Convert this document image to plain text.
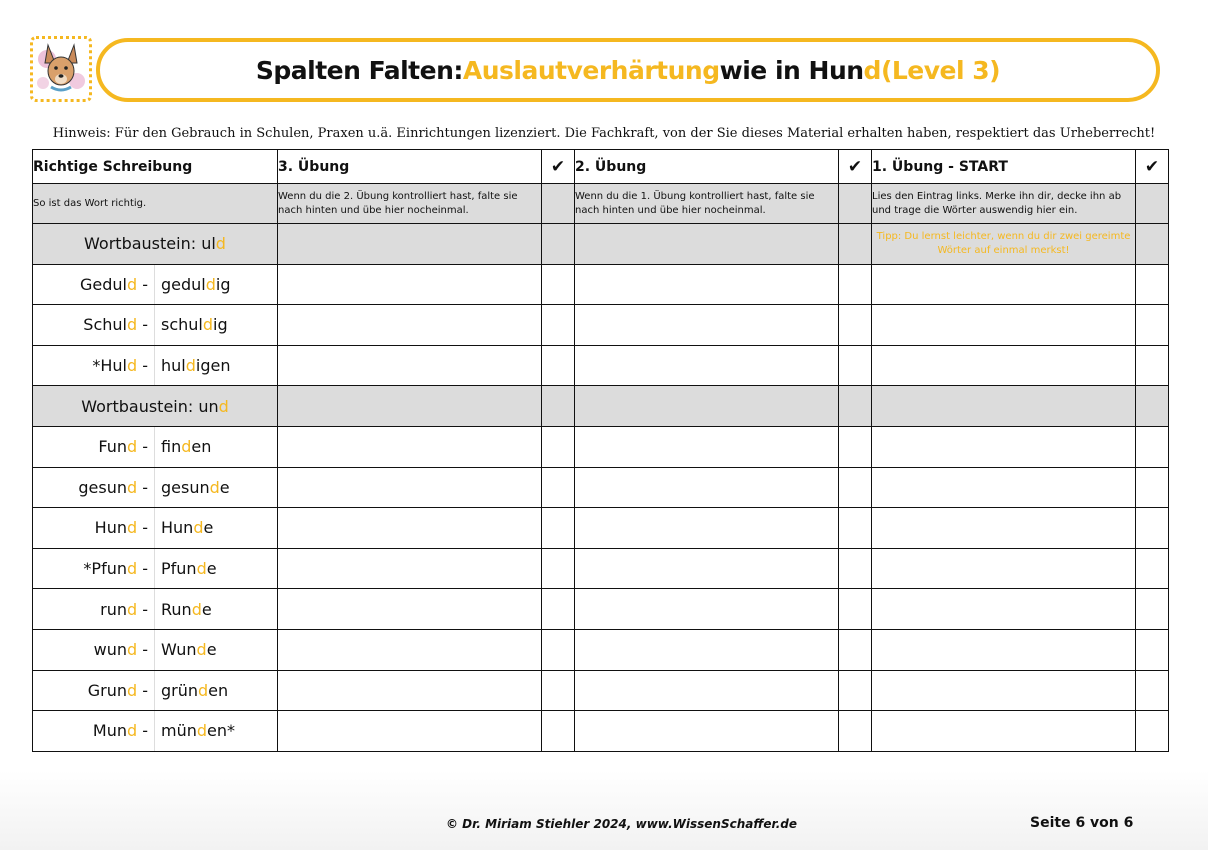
Spalten Falten: Auslautverhärtung wie in Hun d (Level 3)
Hinweis: Für den Gebrauch in Schulen, Praxen u.ä. Einrichtungen lizenziert. Die Fachkraft, von der Sie dieses Material erhalten haben, respektiert das Urheberrecht!
Richtige Schreibung		3. Übung	✔	2. Übung	✔	1. Übung - START	✔
So ist das Wort richtig.		Wenn du die 2. Übung kontrolliert hast, falte sie nach hinten und übe hier nocheinmal.		Wenn du die 1. Übung kontrolliert hast, falte sie nach hinten und übe hier nocheinmal.		Lies den Eintrag links. Merke ihn dir, decke ihn ab und trage die Wörter auswendig hier ein.	
Wortbaustein: uld						Tipp: Du lernst leichter, wenn du dir zwei gereimte Wörter auf einmal merkst!	
Geduld -	geduldig						
Schuld -	schuldig						
*Huld -	huldigen						
Wortbaustein: und							
Fund -	finden						
gesund -	gesunde						
Hund -	Hunde						
*Pfund -	Pfunde						
rund -	Runde						
wund -	Wunde						
Grund -	gründen						
Mund -	münden*						
© Dr. Miriam Stiehler 2024, www.WissenSchaffer.de	Seite 6 von 6
